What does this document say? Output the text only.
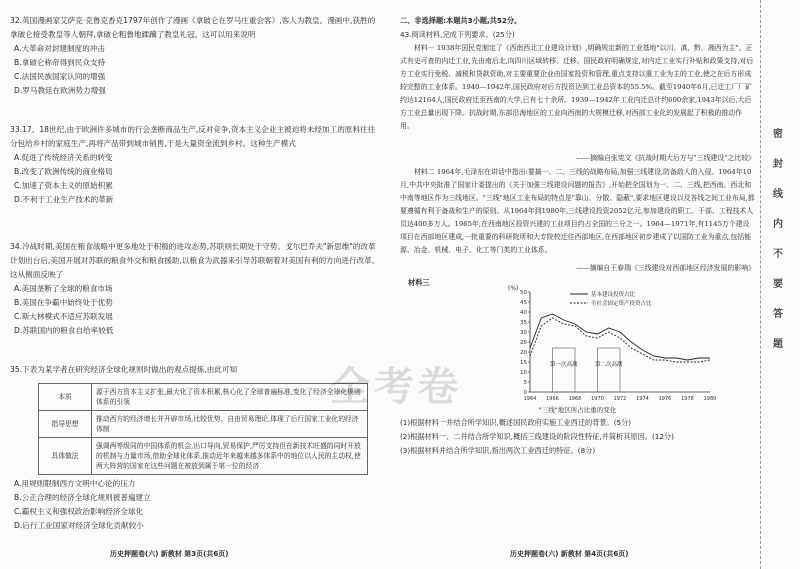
32.英国漫画家艾萨克·克鲁克香克1797年创作了漫画《拿破仑在罗马庄重会客》,客人为教皇。漫画中,获胜的拿破仑接受教皇等人朝拜,拿破仑粗鲁地蹂躏了教皇礼冠。这可以用来说明
A.大革命对封建制度的冲击
B.拿破仑称帝得到民众支持
C.法国民族国家认同的增强
D.罗马教廷在欧洲势力增强
33.17、18世纪,由于欧洲许多城市的行会垄断商品生产,反对竞争,资本主义企业主被迫将未经加工的原料往往分包给乡村的家庭生产,再将产品带到城市销售,于是大量资金流到乡村。这种生产模式
A.促进了传统经济关系的转变
B.改变了欧洲传统的商业格局
C.加速了资本主义的原始积累
D.不利于工业生产技术的革新
34.冷战时期,美国在粮食战略中更多地处于积极的进攻态势,苏联则长期处于守势。戈尔巴乔夫"新思维"的改革计划出台后,美国开展对苏联的粮食外交和粮食援助,以粮食为武器来引导苏联朝着对美国有利的方向进行改革。这从侧面反映了
A.美国垄断了全球的粮食市场
B.美国在争霸中始终处于优势
C.斯大林模式不适应苏联发展
D.苏联国内的粮食自给率较低
35.下表为某学者在研究经济全球化规则时做出的观点提炼,由此可知
本质	源于西方资本主义扩张,最大化了资本积累,核心化了全球普遍标准,变化了经济全球化规则体系的引领
指导思想	推动西方的经济增长并开辟市场,比较优势、自由贸易理论,体现了后行国家工业化的经济体制
具体做法	强调两等级同的中国体系的机会,出口导向,贸易保护,严厉支持但在新技术旺盛的同时开放的机制与力量市场,借助全球化体系,推动近年来越来越多体系中的地位以人民的主动权,使两大阵营的国家在这些问题在被放到属于第一位的经济
A.用规则限制西方文明中心论的压力
B.公正合理的经济全球化规则被普遍建立
C.霸权主义和强权政治影响经济全球化
D.后行工业国家对经济全球化贡献较小
历史押题卷(六) 新教材 第3页(共6页)
全考卷
二、非选择题:本题共3小题,共52分。
43.阅读材料,完成下列要求。(25分)
材料一 1938年国民党制定了《西南西北工业建设计划》,明确规定新的工业基地"以川、滇、黔、湘西为主"。正式有史可查的内迁工业,先由南后北,向四川区域转移、迁移。国民政府明确规定,对内迁工业实行补贴和政策支持,对后方工业实行免税、减税和贷款资助,对主要重要企业由国家投资和管理,重点支持以重工业为主的工业,使之在后方形成较完整的工业体系。1940—1942年,国民政府对后方投资达到工业总资本的55.5%。截至1940年6月,已迁工厂厂矿约达12164人,国民政府迁至西南的大学,已有七十余所。1939—1942年工业内迁总计约600余家,1943年以后,大后方工业总量出现下降。抗战时期,东部沿海地区的工业向西南的大规模迁移,对西部工业化的发展起了积极的推动作用。
——摘编自张宪文《抗战时期大后方与"三线建设"之比较》
材料二 1964年,毛泽东在讲话中指出:要搞一、二、三线的战略布局,加强三线建设,防备敌人的入侵。1964年10月,中共中央批准了国家计委提出的《关于加强三线建设问题的报告》,开始把全国划为一、二、三线,把西南、西北和中南等地区作为三线地区。"三线"地区工业布局的特点是"靠山、分散、隐蔽",要求地区建设以及各线之间工业布局,都要遵循有利于备战和生产的原则。从1964年到1980年,三线建设投资2052亿元,参加建设的职工、干部、工程技术人员达400多万人。1965年,在西南地区投资兴建的工业项目约占全国的三分之一。1964—1971年,有1145万个建设项目在西部地区建成,一批重要的科研院所和大专院校迁往西部地区,在西部地区初步建成了以国防工业为重点,包括能源、冶金、机械、电子、化工等门类的工业体系。
——摘编自王春瑞《三线建设对西部地区经济发展的影响》
材料三
(%)
0
5
10
15
20
25
30
35
40
45
50
1964 1966 1968 1970 1972 1974 1976 1978 1980
第一次高潮	第二次高潮
基本建设投资占比
全社会固定资产投资占比
"三线"地区所占比重的变化
(1)根据材料一并结合所学知识,概述国民政府实施工业西迁的背景。(5分)
(2)根据材料一、二并结合所学知识,概括三线建设的阶段性特征,并简析其原因。(12分)
(3)根据材料并结合所学知识,指出两次工业西迁的特征。(8分)
历史押题卷(六) 新教材 第4页(共6页)
密
封
线
内
不
要
答
题
